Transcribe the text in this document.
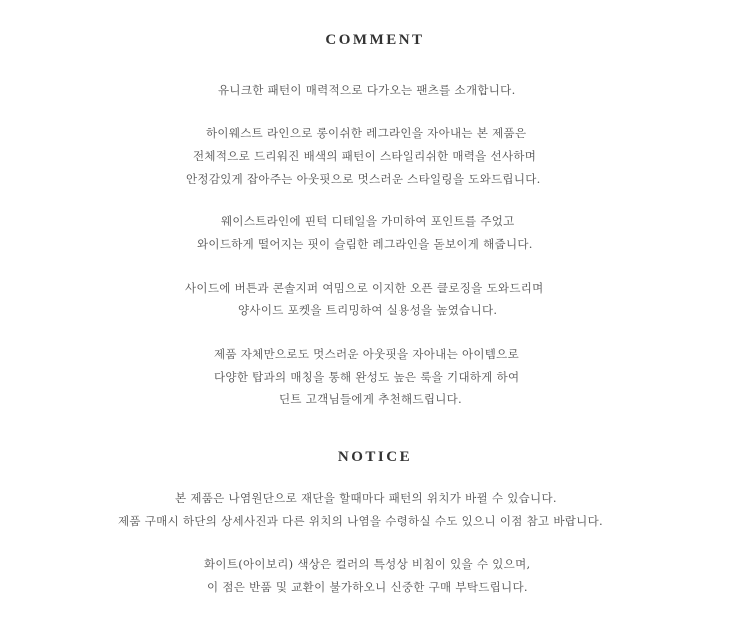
COMMENT
유니크한 패턴이 매력적으로 다가오는 팬츠를 소개합니다.
하이웨스트 라인으로 롱이쉬한 레그라인을 자아내는 본 제품은
전체적으로 드리워진 배색의 패턴이 스타일리쉬한 매력을 선사하며
안정감있게 잡아주는 아웃핏으로 멋스러운 스타일링을 도와드립니다.
웨이스트라인에 핀턱 디테일을 가미하여 포인트를 주었고
와이드하게 떨어지는 핏이 슬림한 레그라인을 돋보이게 해줍니다.
사이드에 버튼과 콘솔지퍼 여밈으로 이지한 오픈 클로징을 도와드리며
양사이드 포켓을 트리밍하여 실용성을 높였습니다.
제품 자체만으로도 멋스러운 아웃핏을 자아내는 아이템으로
다양한 탑과의 매칭을 통해 완성도 높은 룩을 기대하게 하여
딘트 고객님들에게 추천해드립니다.
NOTICE
본 제품은 나염원단으로 재단을 할때마다 패턴의 위치가 바뀔 수 있습니다.
제품 구매시 하단의 상세사진과 다른 위치의 나염을 수령하실 수도 있으니 이점 참고 바랍니다.
화이트(아이보리) 색상은 컬러의 특성상 비침이 있을 수 있으며,
이 점은 반품 및 교환이 불가하오니 신중한 구매 부탁드립니다.
